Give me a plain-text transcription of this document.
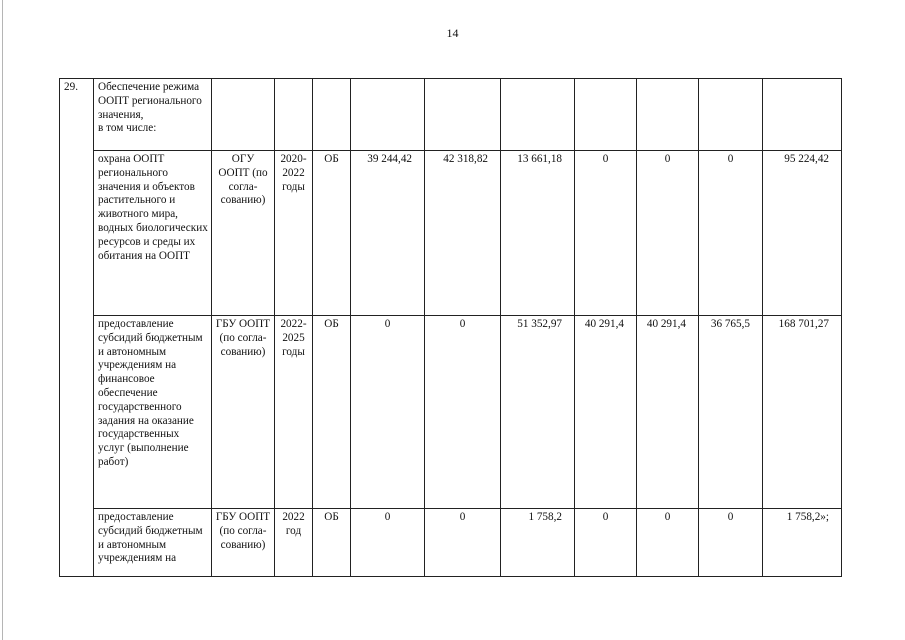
14
29.	Обеспечение режима ООПТ регионального значения,
в том числе:										
	охрана ООПТ регионального значения и объектов растительного и животного мира, водных биологических ресурсов и среды их обитания на ООПТ	ОГУ ООПТ (по согла-сованию)	2020-2022 годы	ОБ	39 244,42	42 318,82	13 661,18	0	0	0	95 224,42
	предоставление субсидий бюджетным и автономным учреждениям на финансовое обеспечение государственного задания на оказание государственных услуг (выполнение работ)	ГБУ ООПТ (по согла-сованию)	2022-2025 годы	ОБ	0	0	51 352,97	40 291,4	40 291,4	36 765,5	168 701,27
	предоставление субсидий бюджетным и автономным учреждениям на	ГБУ ООПТ (по согла-сованию)	2022 год	ОБ	0	0	1 758,2	0	0	0	1 758,2»;
